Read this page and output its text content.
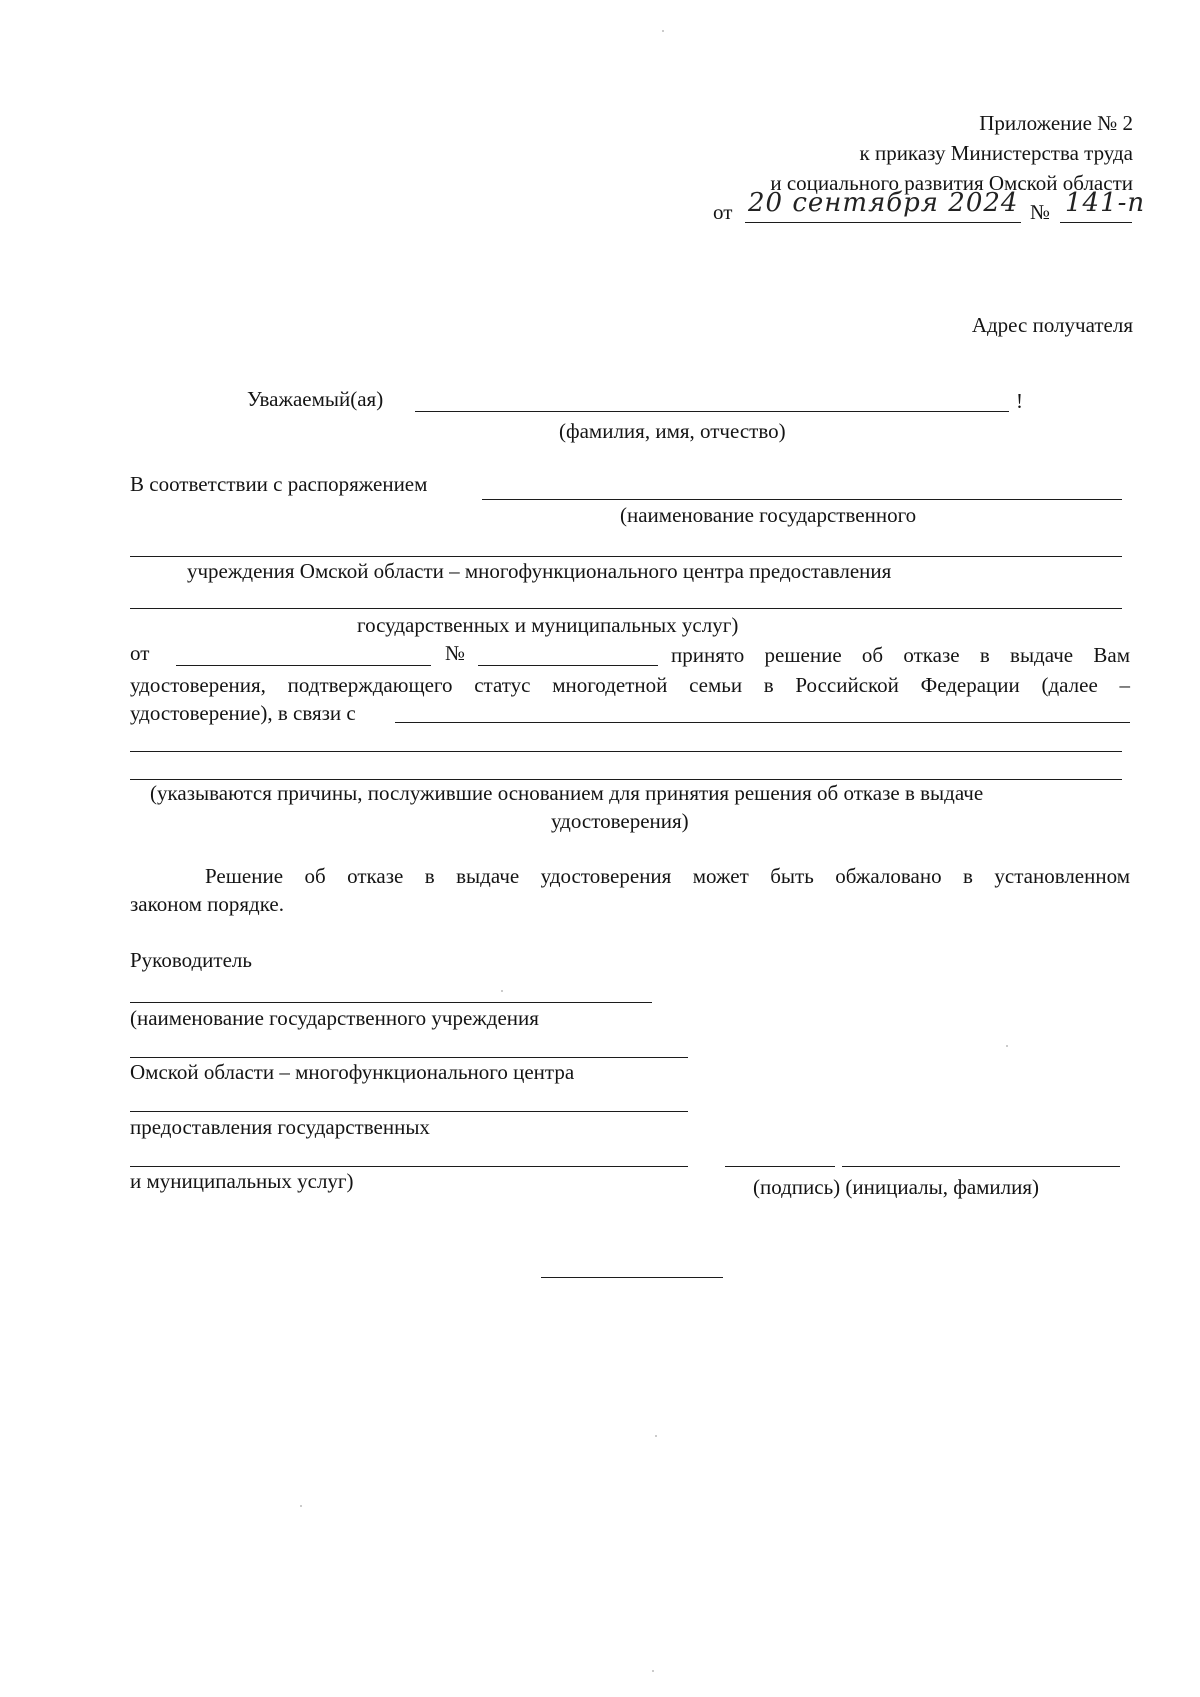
Приложение № 2
к приказу Министерства труда
и социального развития Омской области
от 20 сентября 2024 № 141-п
Адрес получателя
Уважаемый(ая)	!
(фамилия, имя, отчество)
В соответствии с распоряжением
(наименование государственного
учреждения Омской области – многофункционального центра предоставления
государственных и муниципальных услуг)
от	№	принято решение об отказе в выдаче Вам
удостоверения, подтверждающего статус многодетной семьи в Российской Федерации (далее –
удостоверение), в связи с
(указываются причины, послужившие основанием для принятия решения об отказе в выдаче
удостоверения)
Решение об отказе в выдаче удостоверения может быть обжаловано в установленном
законом порядке.
Руководитель
(наименование государственного учреждения
Омской области – многофункционального центра
предоставления государственных
и муниципальных услуг)	(подпись) (инициалы, фамилия)
